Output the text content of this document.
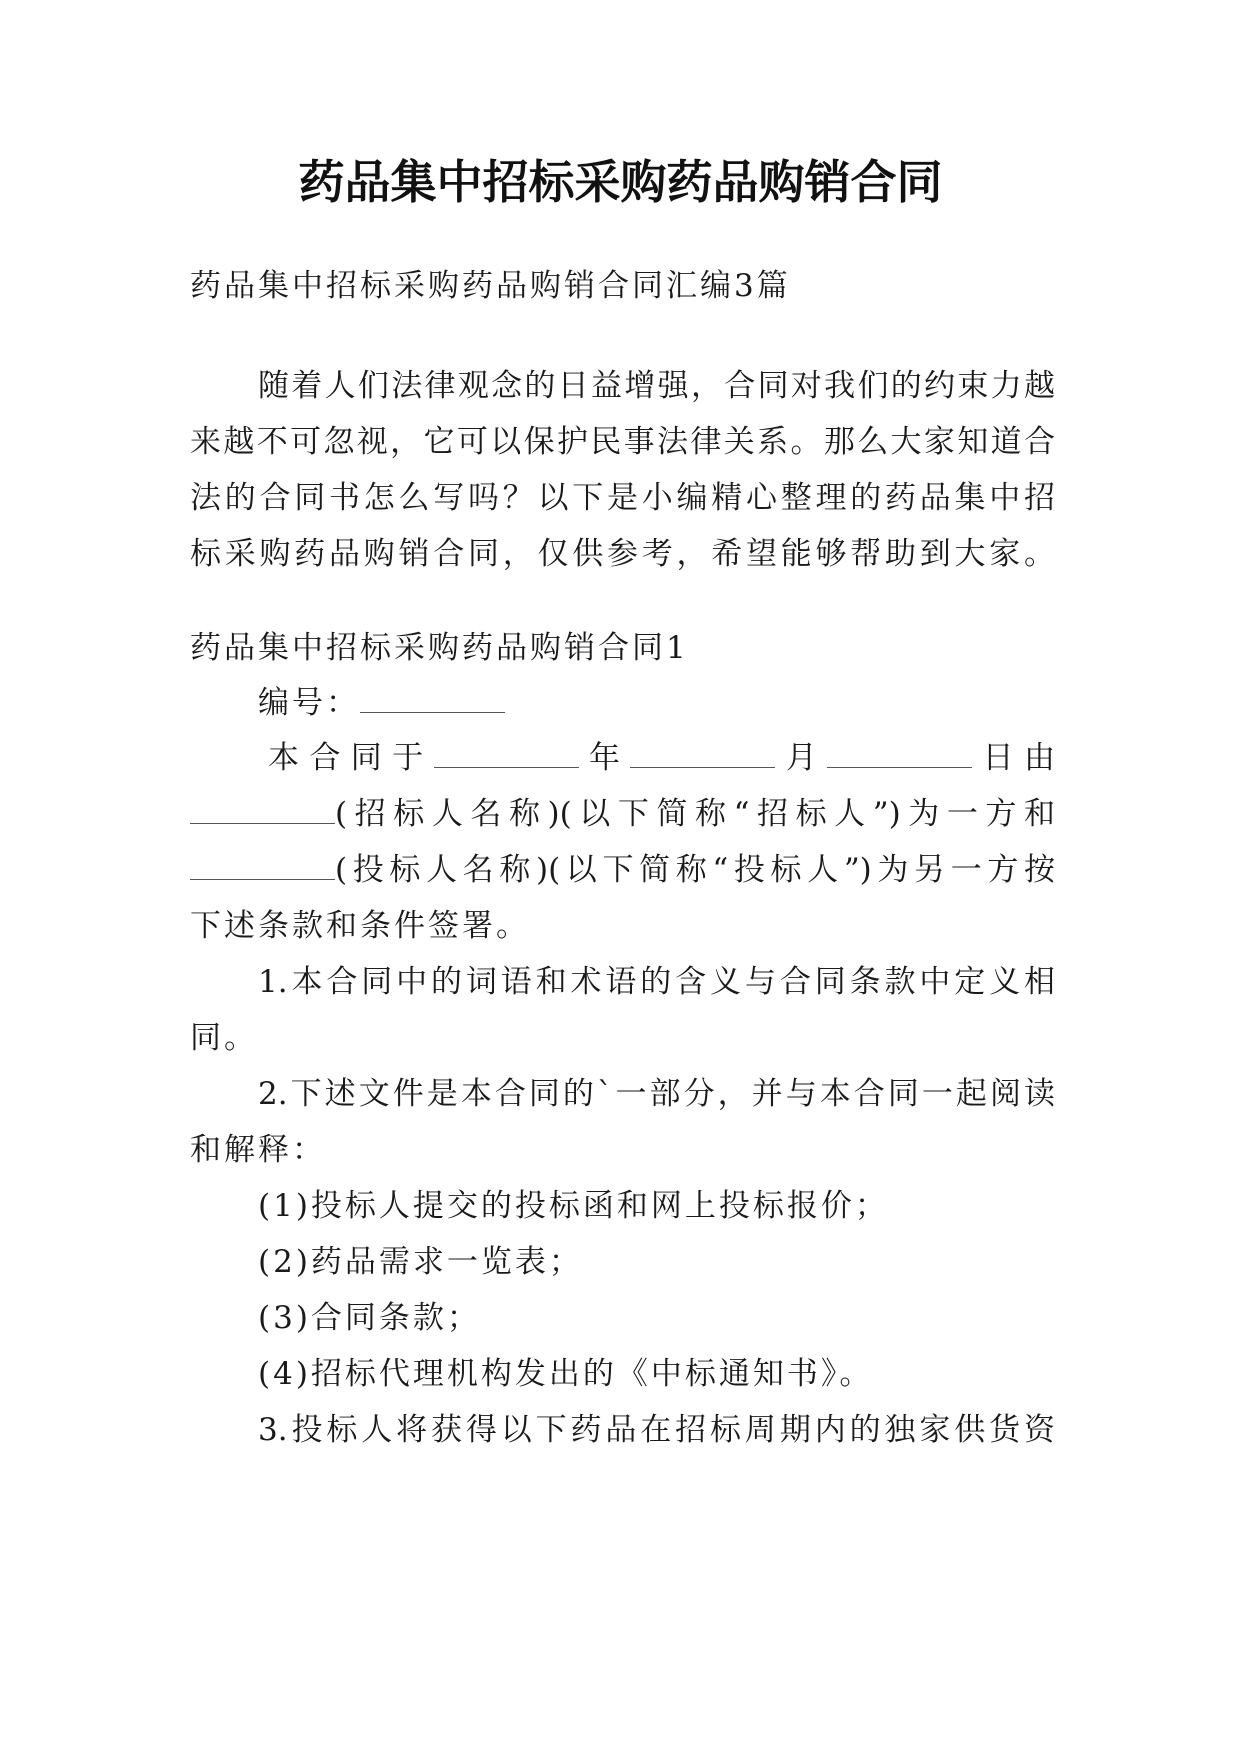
药品集中招标采购药品购销合同
药品集中招标采购药品购销合同汇编3篇
随着人们法律观念的日益增强，合同对我们的约束力越
来越不可忽视，它可以保护民事法律关系。那么大家知道合
法的合同书怎么写吗？以下是小编精心整理的药品集中招
标采购药品购销合同，仅供参考，希望能够帮助到大家。
药品集中招标采购药品购销合同1
编号：
本合同于	年	月	日由
(招标人名称)(以下简称“招标人”)为一方和
(投标人名称)(以下简称“投标人”)为另一方按
下述条款和条件签署。
1.本合同中的词语和术语的含义与合同条款中定义相
同。
2.下述文件是本合同的`一部分，并与本合同一起阅读
和解释：
(1)投标人提交的投标函和网上投标报价；
(2)药品需求一览表；
(3)合同条款；
(4)招标代理机构发出的《中标通知书》。
3.投标人将获得以下药品在招标周期内的独家供货资
